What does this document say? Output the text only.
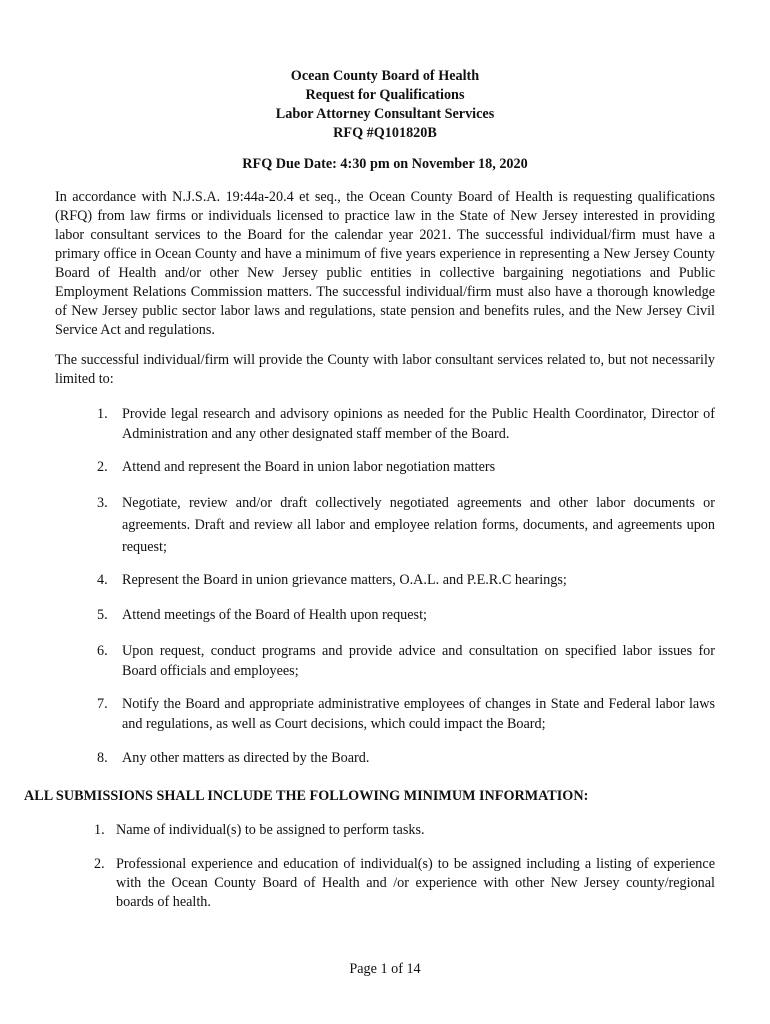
Ocean County Board of Health
Request for Qualifications
Labor Attorney Consultant Services
RFQ #Q101820B
RFQ Due Date: 4:30 pm on November 18, 2020

In accordance with N.J.S.A. 19:44a-20.4 et seq., the Ocean County Board of Health is requesting qualifications (RFQ) from law firms or individuals licensed to practice law in the State of New Jersey interested in providing labor consultant services to the Board for the calendar year 2021. The successful individual/firm must have a primary office in Ocean County and have a minimum of five years experience in representing a New Jersey County Board of Health and/or other New Jersey public entities in collective bargaining negotiations and Public Employment Relations Commission matters. The successful individual/firm must also have a thorough knowledge of New Jersey public sector labor laws and regulations, state pension and benefits rules, and the New Jersey Civil Service Act and regulations.

The successful individual/firm will provide the County with labor consultant services related to, but not necessarily limited to:

1.	Provide legal research and advisory opinions as needed for the Public Health Coordinator, Director of Administration and any other designated staff member of the Board.
2.	Attend and represent the Board in union labor negotiation matters
3.	Negotiate, review and/or draft collectively negotiated agreements and other labor documents or agreements. Draft and review all labor and employee relation forms, documents, and agreements upon request;
4.	Represent the Board in union grievance matters, O.A.L. and P.E.R.C hearings;
5.	Attend meetings of the Board of Health upon request;
6.	Upon request, conduct programs and provide advice and consultation on specified labor issues for Board officials and employees;
7.	Notify the Board and appropriate administrative employees of changes in State and Federal labor laws and regulations, as well as Court decisions, which could impact the Board;
8.	Any other matters as directed by the Board.

ALL SUBMISSIONS SHALL INCLUDE THE FOLLOWING MINIMUM INFORMATION:

1. Name of individual(s) to be assigned to perform tasks.
2. Professional experience and education of individual(s) to be assigned including a listing of experience with the Ocean County Board of Health and /or experience with other New Jersey county/regional boards of health.
Page 1 of 14
